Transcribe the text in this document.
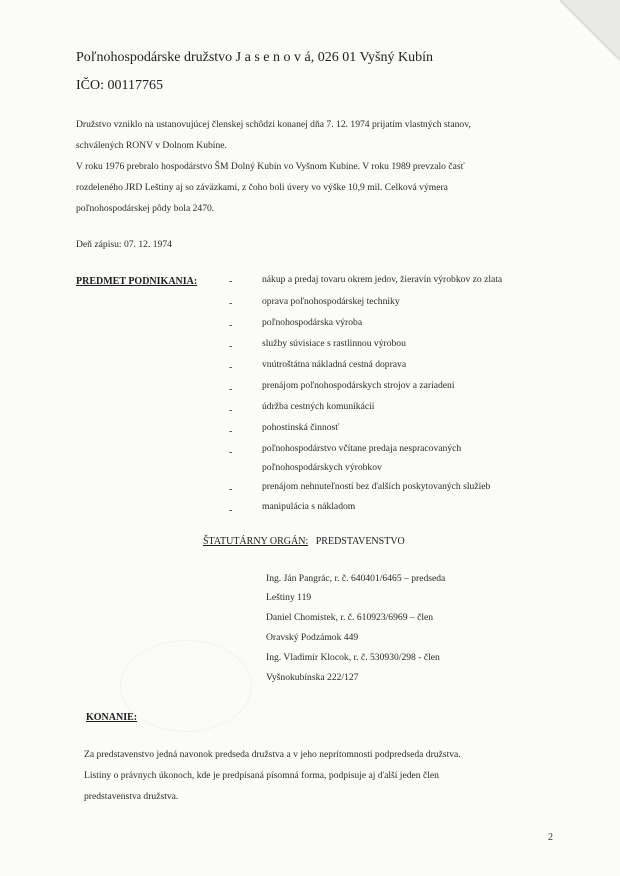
Poľnohospodárske družstvo J a s e n o v á, 026 01 Vyšný Kubín
IČO: 00117765
Družstvo vzniklo na ustanovujúcej členskej schôdzi konanej dňa 7. 12. 1974 prijatím vlastných stanov,
schválených RONV v Dolnom Kubíne.
V roku 1976 prebralo hospodárstvo ŠM Dolný Kubín vo Vyšnom Kubíne. V roku 1989 prevzalo časť
rozdeleného JRD Leštiny aj so záväzkami, z čoho boli úvery vo výške 10,9 mil. Celková výmera
poľnohospodárskej pôdy bola 2470.
Deň zápisu: 07. 12. 1974
PREDMET PODNIKANIA:	-	nákup a predaj tovaru okrem jedov, žieravín výrobkov zo zlata
-	oprava poľnohospodárskej techniky
-	poľnohospodárska výroba
-	služby súvisiace s rastlinnou výrobou
-	vnútroštátna nákladná cestná doprava
-	prenájom poľnohospodárskych strojov a zariadení
-	údržba cestných komunikácií
-	pohostinská činnosť
-	poľnohospodárstvo včítane predaja nespracovaných
poľnohospodárskych výrobkov
-	prenájom nehnuteľností bez ďalších poskytovaných služieb
-	manipulácia s nákladom
ŠTATUTÁRNY ORGÁN: PREDSTAVENSTVO
Ing. Ján Pangrác, r. č. 640401/6465 – predseda
Leštiny 119
Daniel Chomistek, r. č. 610923/6969 – člen
Oravský Podzámok 449
Ing. Vladimír Klocok, r. č. 530930/298 - člen
Vyšnokubínska 222/127
KONANIE:
Za predstavenstvo jedná navonok predseda družstva a v jeho neprítomnosti podpredseda družstva.
Listiny o právnych úkonoch, kde je predpísaná písomná forma, podpisuje aj ďalší jeden člen
predstavenstva družstva.
2
